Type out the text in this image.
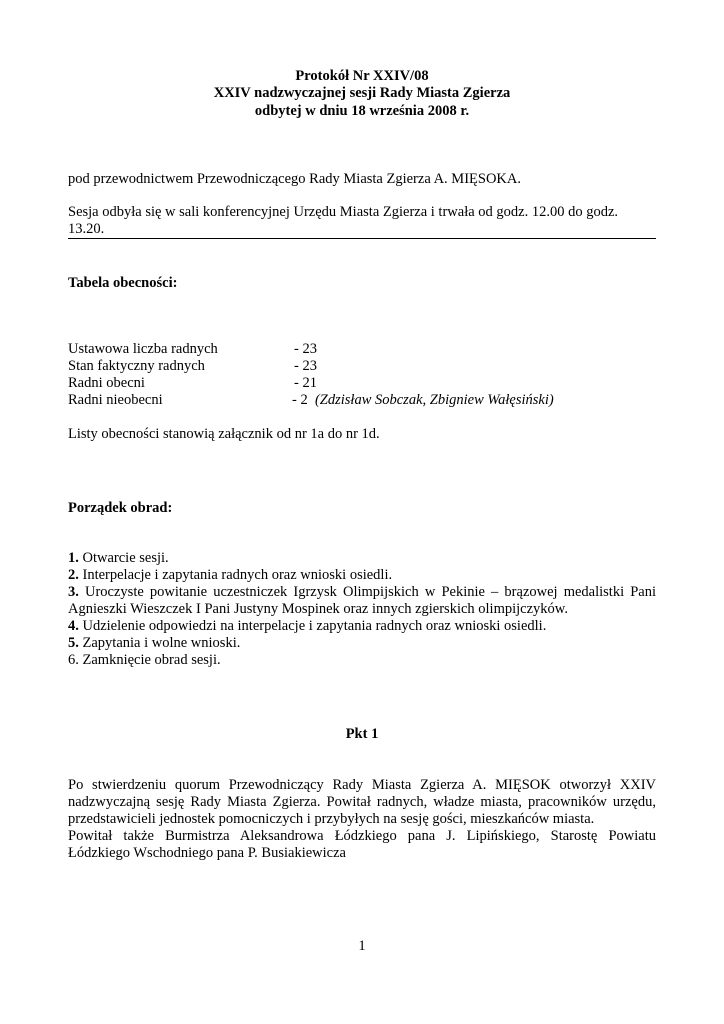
Protokół Nr XXIV/08
XXIV nadzwyczajnej sesji Rady Miasta Zgierza
odbytej w dniu 18 września 2008 r.
pod przewodnictwem Przewodniczącego Rady Miasta Zgierza A. MIĘSOKA.
Sesja odbyła się w sali konferencyjnej Urzędu Miasta Zgierza i trwała od godz. 12.00 do godz.
13.20.
Tabela obecności:
Ustawowa liczba radnych	- 23
Stan faktyczny radnych	- 23
Radni obecni	- 21
Radni nieobecni	- 2 (Zdzisław Sobczak, Zbigniew Wałęsiński)
Listy obecności stanowią załącznik od nr 1a do nr 1d.
Porządek obrad:
1. Otwarcie sesji.
2. Interpelacje i zapytania radnych oraz wnioski osiedli.
3. Uroczyste powitanie uczestniczek Igrzysk Olimpijskich w Pekinie – brązowej medalistki Pani
Agnieszki Wieszczek I Pani Justyny Mospinek oraz innych zgierskich olimpijczyków.
4. Udzielenie odpowiedzi na interpelacje i zapytania radnych oraz wnioski osiedli.
5. Zapytania i wolne wnioski.
6. Zamknięcie obrad sesji.
Pkt 1
Po stwierdzeniu quorum Przewodniczący Rady Miasta Zgierza A. MIĘSOK otworzył XXIV
nadzwyczajną sesję Rady Miasta Zgierza. Powitał radnych, władze miasta, pracowników urzędu,
przedstawicieli jednostek pomocniczych i przybyłych na sesję gości, mieszkańców miasta.
Powitał także Burmistrza Aleksandrowa Łódzkiego pana J. Lipińskiego, Starostę Powiatu
Łódzkiego Wschodniego pana P. Busiakiewicza
1
